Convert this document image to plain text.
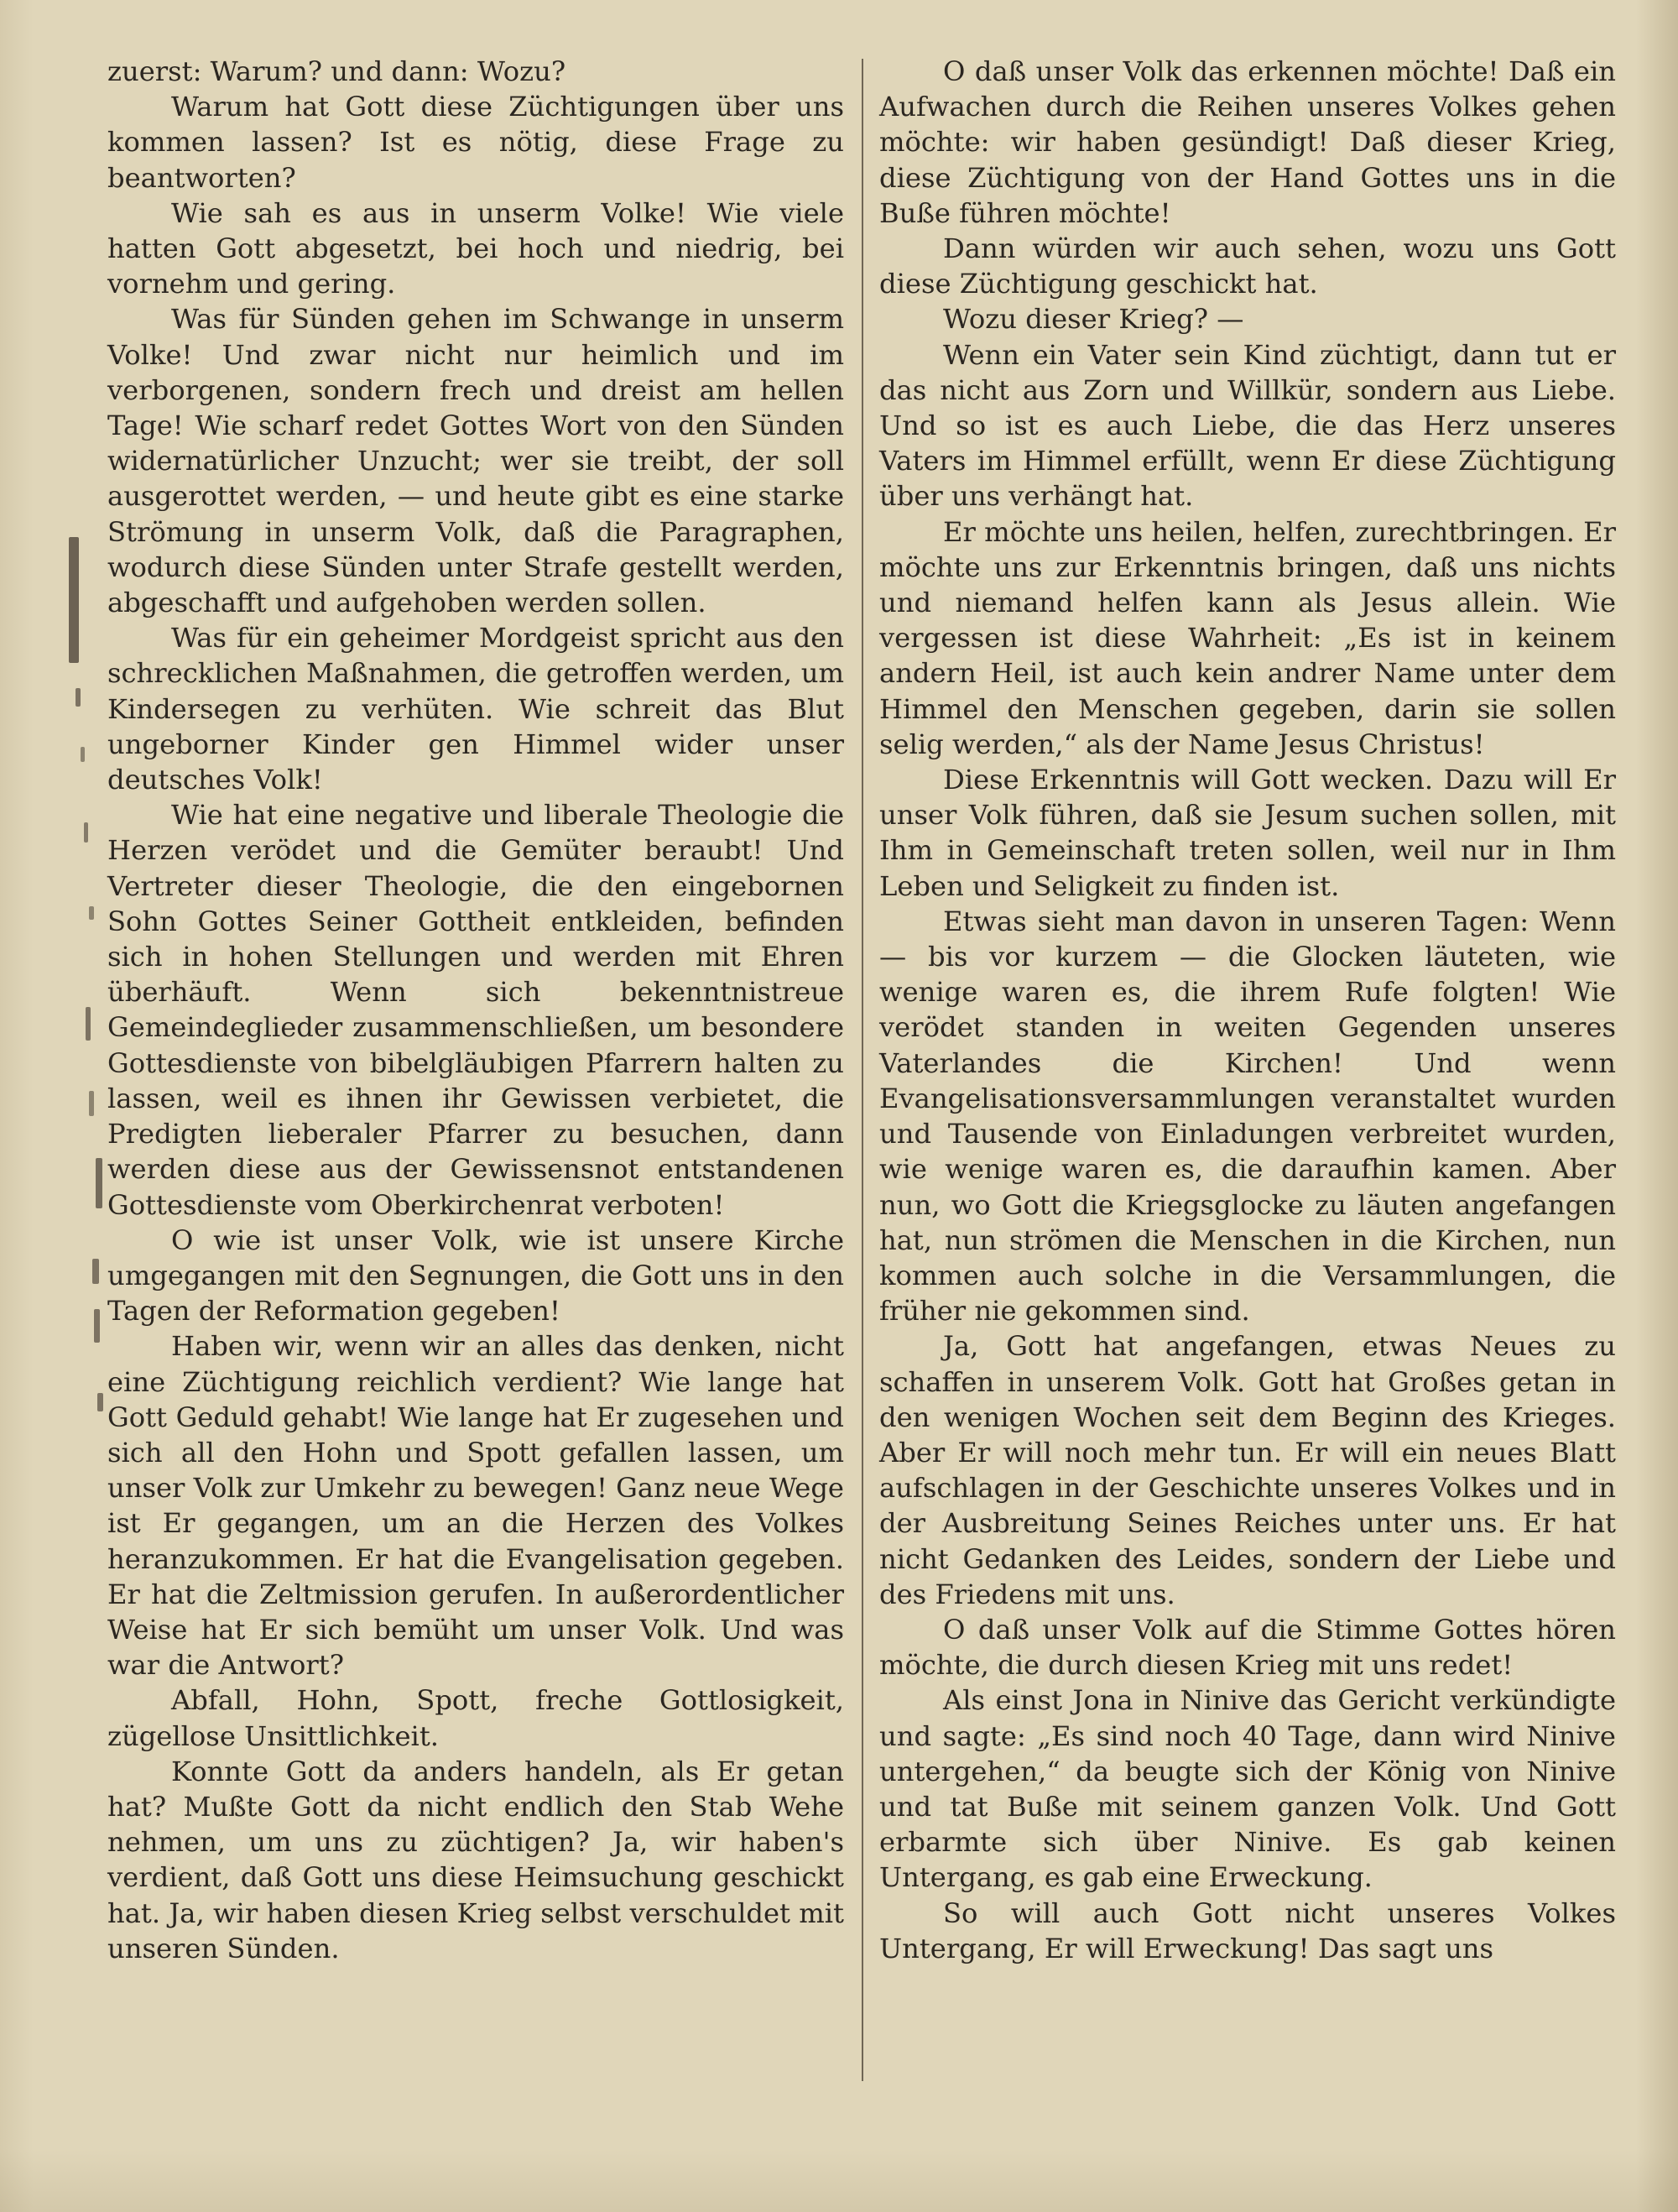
zuerst: Warum? und dann: Wozu?

Warum hat Gott diese Züchtigungen über uns kommen lassen? Ist es nötig, diese Frage zu beantworten?

Wie sah es aus in unserm Volke! Wie viele hatten Gott abgesetzt, bei hoch und niedrig, bei vornehm und gering.

Was für Sünden gehen im Schwange in unserm Volke! Und zwar nicht nur heimlich und im verborgenen, sondern frech und dreist am hellen Tage! Wie scharf redet Gottes Wort von den Sünden widernatürlicher Unzucht; wer sie treibt, der soll ausgerottet werden, — und heute gibt es eine starke Strömung in unserm Volk, daß die Paragraphen, wodurch diese Sünden unter Strafe gestellt werden, abgeschafft und aufgehoben werden sollen.

Was für ein geheimer Mordgeist spricht aus den schrecklichen Maßnahmen, die getroffen werden, um Kindersegen zu verhüten. Wie schreit das Blut ungeborner Kinder gen Himmel wider unser deutsches Volk!

Wie hat eine negative und liberale Theologie die Herzen verödet und die Gemüter beraubt! Und Vertreter dieser Theologie, die den eingebornen Sohn Gottes Seiner Gottheit entkleiden, befinden sich in hohen Stellungen und werden mit Ehren überhäuft. Wenn sich bekenntnistreue Gemeindeglieder zusammenschließen, um besondere Gottesdienste von bibelgläubigen Pfarrern halten zu lassen, weil es ihnen ihr Gewissen verbietet, die Predigten lieberaler Pfarrer zu besuchen, dann werden diese aus der Gewissensnot entstandenen Gottesdienste vom Oberkirchenrat verboten!

O wie ist unser Volk, wie ist unsere Kirche umgegangen mit den Segnungen, die Gott uns in den Tagen der Reformation gegeben!

Haben wir, wenn wir an alles das denken, nicht eine Züchtigung reichlich verdient? Wie lange hat Gott Geduld gehabt! Wie lange hat Er zugesehen und sich all den Hohn und Spott gefallen lassen, um unser Volk zur Umkehr zu bewegen! Ganz neue Wege ist Er gegangen, um an die Herzen des Volkes heranzukommen. Er hat die Evangelisation gegeben. Er hat die Zeltmission gerufen. In außerordentlicher Weise hat Er sich bemüht um unser Volk. Und was war die Antwort?

Abfall, Hohn, Spott, freche Gottlosigkeit, zügellose Unsittlichkeit.

Konnte Gott da anders handeln, als Er getan hat? Mußte Gott da nicht endlich den Stab Wehe nehmen, um uns zu züchtigen? Ja, wir haben's verdient, daß Gott uns diese Heimsuchung geschickt hat. Ja, wir haben diesen Krieg selbst verschuldet mit unseren Sünden.

O daß unser Volk das erkennen möchte! Daß ein Aufwachen durch die Reihen unseres Volkes gehen möchte: wir haben gesündigt! Daß dieser Krieg, diese Züchtigung von der Hand Gottes uns in die Buße führen möchte!

Dann würden wir auch sehen, wozu uns Gott diese Züchtigung geschickt hat.

Wozu dieser Krieg? —

Wenn ein Vater sein Kind züchtigt, dann tut er das nicht aus Zorn und Willkür, sondern aus Liebe. Und so ist es auch Liebe, die das Herz unseres Vaters im Himmel erfüllt, wenn Er diese Züchtigung über uns verhängt hat.

Er möchte uns heilen, helfen, zurechtbringen. Er möchte uns zur Erkenntnis bringen, daß uns nichts und niemand helfen kann als Jesus allein. Wie vergessen ist diese Wahrheit: „Es ist in keinem andern Heil, ist auch kein andrer Name unter dem Himmel den Menschen gegeben, darin sie sollen selig werden,“ als der Name Jesus Christus!

Diese Erkenntnis will Gott wecken. Dazu will Er unser Volk führen, daß sie Jesum suchen sollen, mit Ihm in Gemeinschaft treten sollen, weil nur in Ihm Leben und Seligkeit zu finden ist.

Etwas sieht man davon in unseren Tagen: Wenn — bis vor kurzem — die Glocken läuteten, wie wenige waren es, die ihrem Rufe folgten! Wie verödet standen in weiten Gegenden unseres Vaterlandes die Kirchen! Und wenn Evangelisationsversammlungen veranstaltet wurden und Tausende von Einladungen verbreitet wurden, wie wenige waren es, die daraufhin kamen. Aber nun, wo Gott die Kriegsglocke zu läuten angefangen hat, nun strömen die Menschen in die Kirchen, nun kommen auch solche in die Versammlungen, die früher nie gekommen sind.

Ja, Gott hat angefangen, etwas Neues zu schaffen in unserem Volk. Gott hat Großes getan in den wenigen Wochen seit dem Beginn des Krieges. Aber Er will noch mehr tun. Er will ein neues Blatt aufschlagen in der Geschichte unseres Volkes und in der Ausbreitung Seines Reiches unter uns. Er hat nicht Gedanken des Leides, sondern der Liebe und des Friedens mit uns.

O daß unser Volk auf die Stimme Gottes hören möchte, die durch diesen Krieg mit uns redet!

Als einst Jona in Ninive das Gericht verkündigte und sagte: „Es sind noch 40 Tage, dann wird Ninive untergehen,“ da beugte sich der König von Ninive und tat Buße mit seinem ganzen Volk. Und Gott erbarmte sich über Ninive. Es gab keinen Untergang, es gab eine Erweckung.

So will auch Gott nicht unseres Volkes Untergang, Er will Erweckung! Das sagt uns
